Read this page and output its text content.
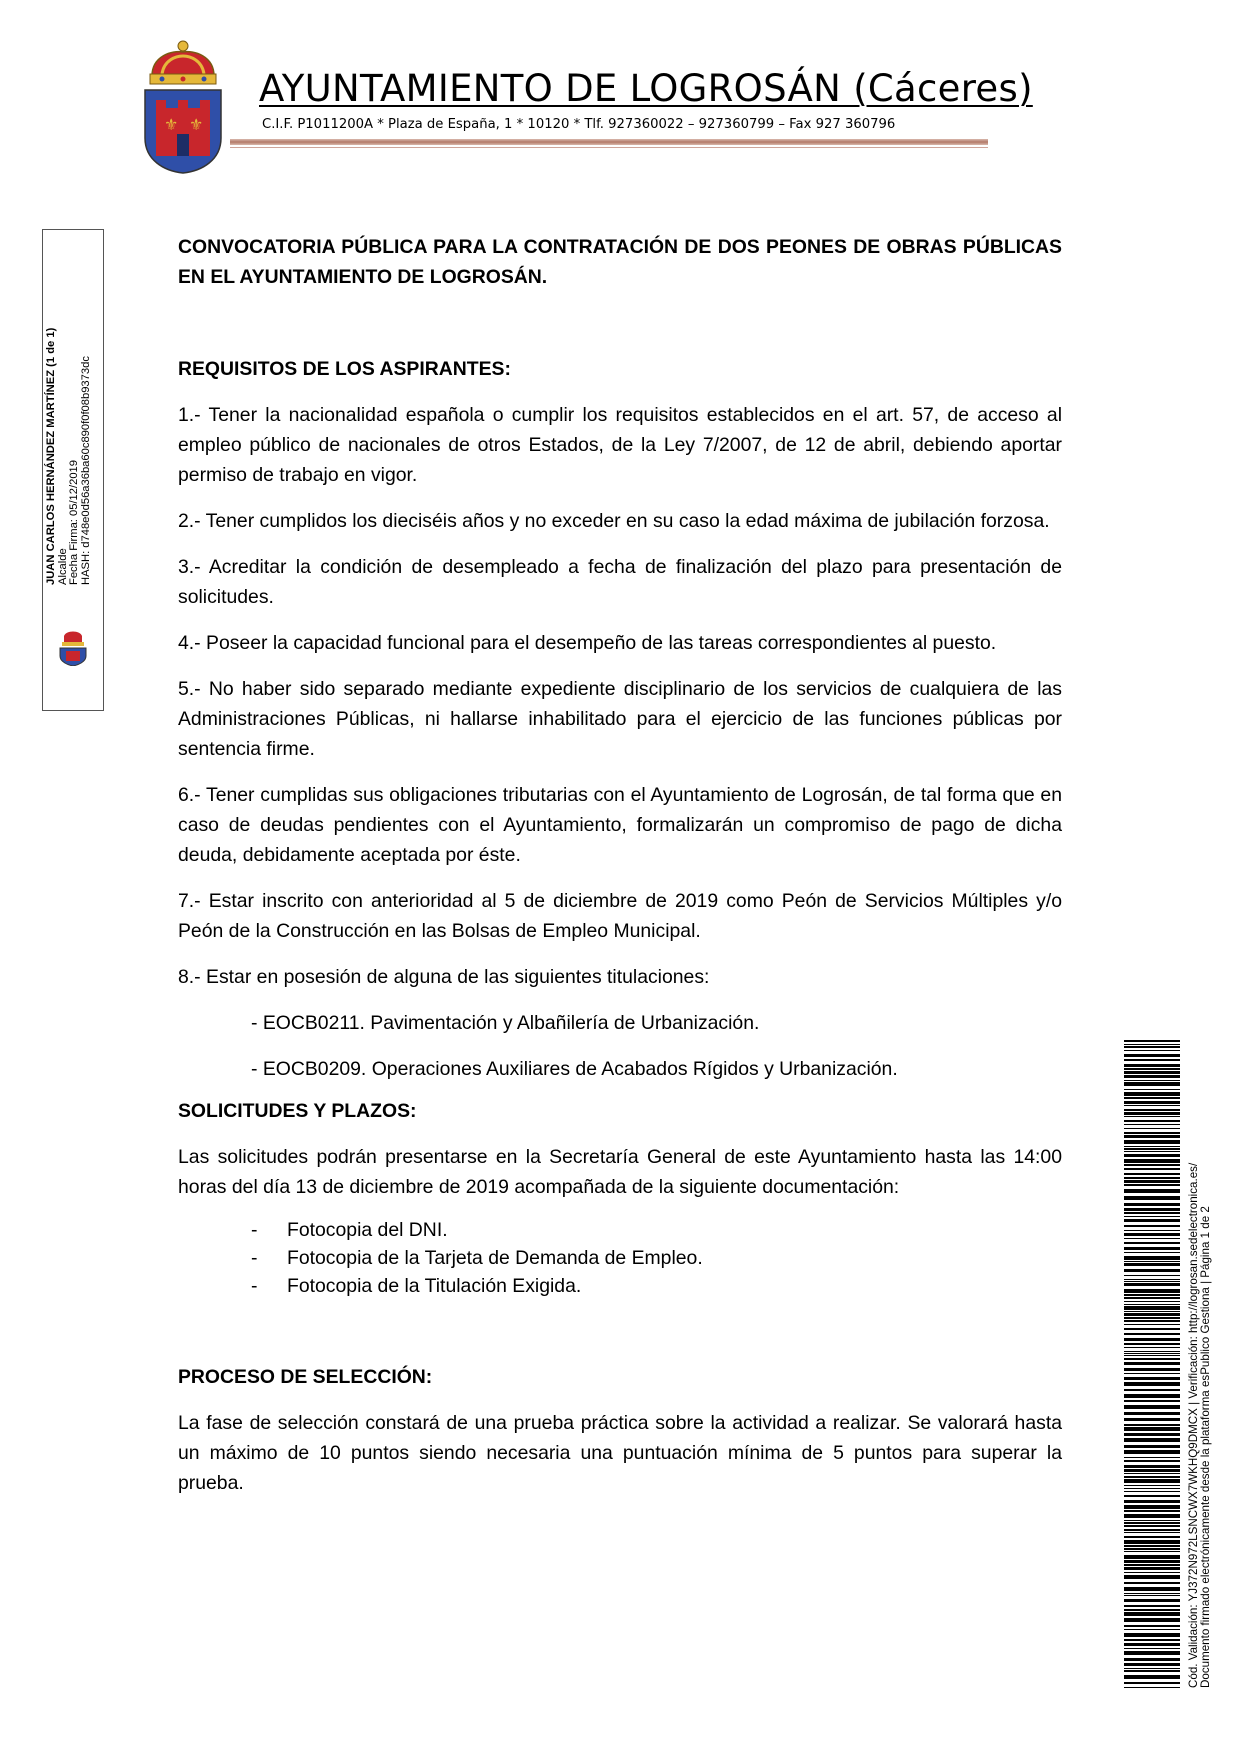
⚜ ⚜
AYUNTAMIENTO DE LOGROSÁN (Cáceres)
C.I.F. P1011200A * Plaza de España, 1 * 10120 * Tlf. 927360022 – 927360799 – Fax 927 360796
JUAN CARLOS HERNÁNDEZ MARTÍNEZ (1 de 1) Alcalde Fecha Firma: 05/12/2019 HASH: d748e0d56a36ba60c890f0f08b9373dc

CONVOCATORIA PÚBLICA PARA LA CONTRATACIÓN DE DOS PEONES DE OBRAS PÚBLICAS EN EL AYUNTAMIENTO DE LOGROSÁN.

REQUISITOS DE LOS ASPIRANTES:

1.- Tener la nacionalidad española o cumplir los requisitos establecidos en el art. 57, de acceso al empleo público de nacionales de otros Estados, de la Ley 7/2007, de 12 de abril, debiendo aportar permiso de trabajo en vigor.

2.- Tener cumplidos los dieciséis años y no exceder en su caso la edad máxima de jubilación forzosa.

3.- Acreditar la condición de desempleado a fecha de finalización del plazo para presentación de solicitudes.

4.- Poseer la capacidad funcional para el desempeño de las tareas correspondientes al puesto.

5.- No haber sido separado mediante expediente disciplinario de los servicios de cualquiera de las Administraciones Públicas, ni hallarse inhabilitado para el ejercicio de las funciones públicas por sentencia firme.

6.- Tener cumplidas sus obligaciones tributarias con el Ayuntamiento de Logrosán, de tal forma que en caso de deudas pendientes con el Ayuntamiento, formalizarán un compromiso de pago de dicha deuda, debidamente aceptada por éste.

7.- Estar inscrito con anterioridad al 5 de diciembre de 2019 como Peón de Servicios Múltiples y/o Peón de la Construcción en las Bolsas de Empleo Municipal.

8.- Estar en posesión de alguna de las siguientes titulaciones:

- EOCB0211. Pavimentación y Albañilería de Urbanización.

- EOCB0209. Operaciones Auxiliares de Acabados Rígidos y Urbanización.

SOLICITUDES Y PLAZOS:

Las solicitudes podrán presentarse en la Secretaría General de este Ayuntamiento hasta las 14:00 horas del día 13 de diciembre de 2019 acompañada de la siguiente documentación:

- Fotocopia del DNI.
- Fotocopia de la Tarjeta de Demanda de Empleo.
- Fotocopia de la Titulación Exigida.

PROCESO DE SELECCIÓN:

La fase de selección constará de una prueba práctica sobre la actividad a realizar. Se valorará hasta un máximo de 10 puntos siendo necesaria una puntuación mínima de 5 puntos para superar la prueba.	Cód. Validación: YJ372N972LSNCWX7WKHQ9DMCX | Verificación: http://logrosan.sedelectronica.es/ Documento firmado electrónicamente desde la plataforma esPublico Gestiona | Página 1 de 2
